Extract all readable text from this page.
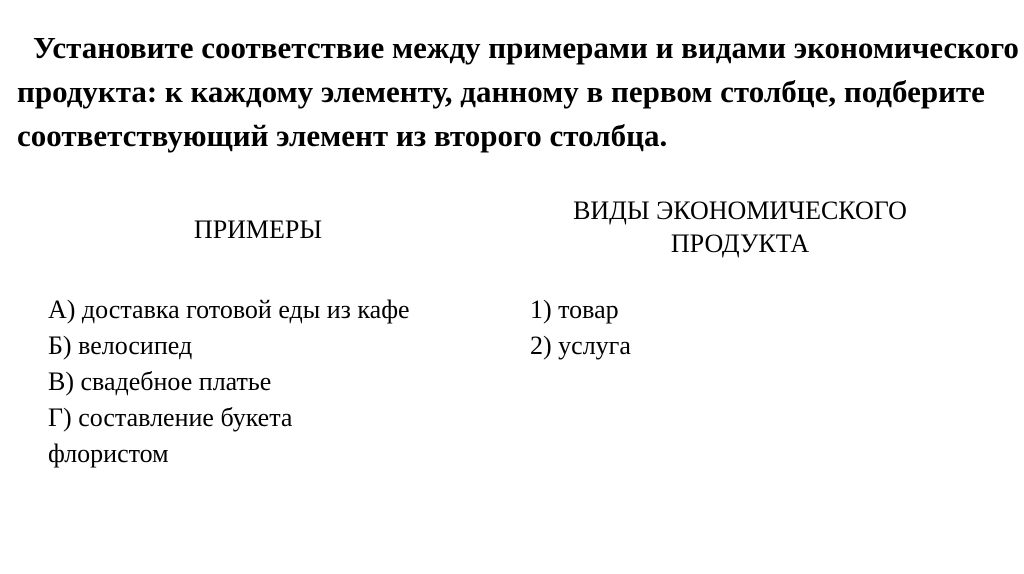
Установите соответствие между примерами и видами экономического продукта: к каждому элементу, данному в первом столбце, подберите соответствующий элемент из второго столбца.

ПРИМЕРЫ
ВИДЫ ЭКОНОМИЧЕСКОГО
ПРОДУКТА
А) доставка готовой еды из кафе
Б) велосипед
В) свадебное платье
Г) составление букета флористом
1) товар
2) услуга
